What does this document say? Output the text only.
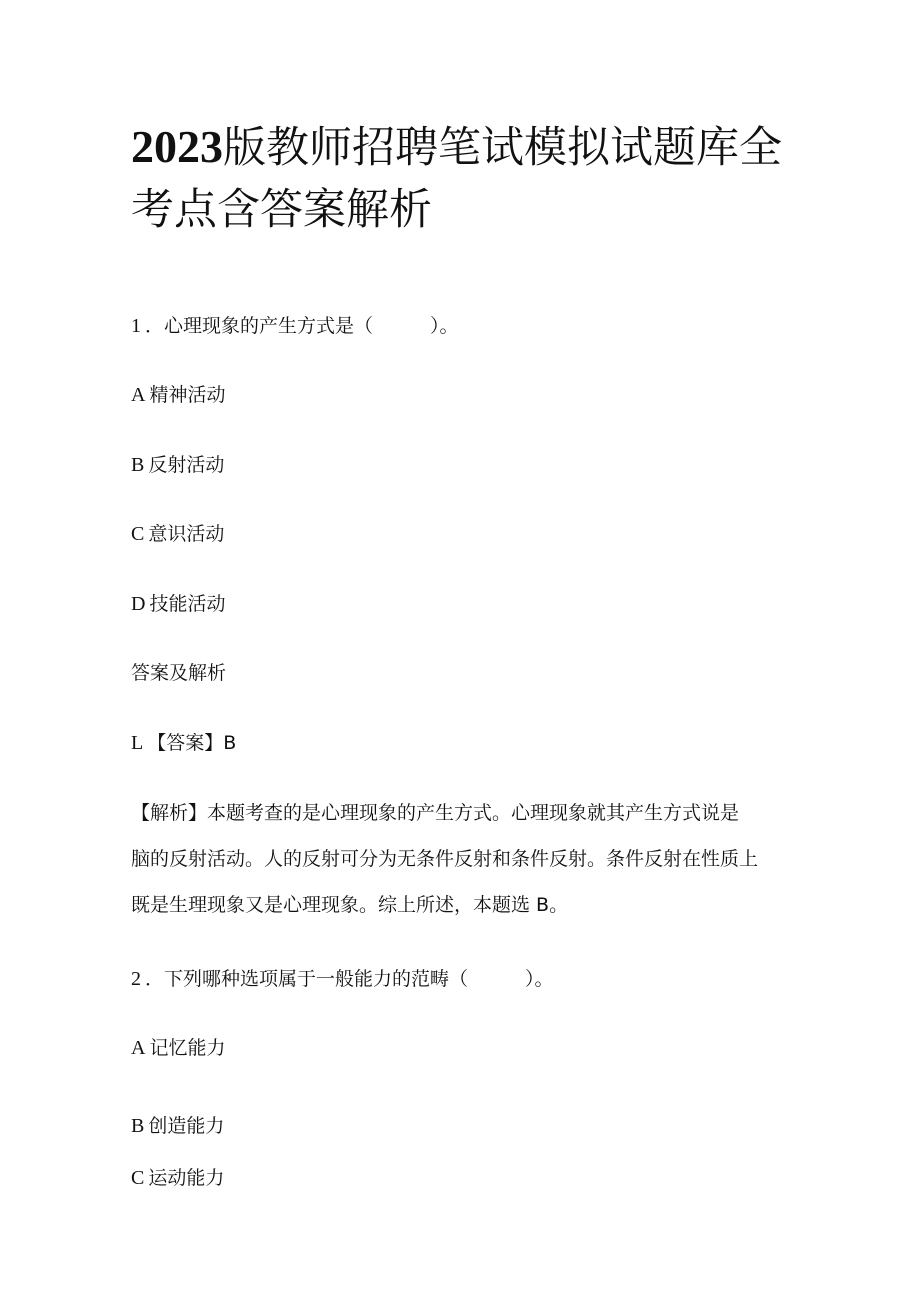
2023版教师招聘笔试模拟试题库全
考点含答案解析
1 ．心理现象的产生方式是（　　　）。
A 精神活动
B 反射活动
C 意识活动
D 技能活动
答案及解析
L 【答案】B
【解析】本题考查的是心理现象的产生方式。心理现象就其产生方式说是
脑的反射活动。人的反射可分为无条件反射和条件反射。条件反射在性质上
既是生理现象又是心理现象。综上所述，本题选 B。
2 ．下列哪种选项属于一般能力的范畴（　　　）。
A 记忆能力
B 创造能力
C 运动能力
